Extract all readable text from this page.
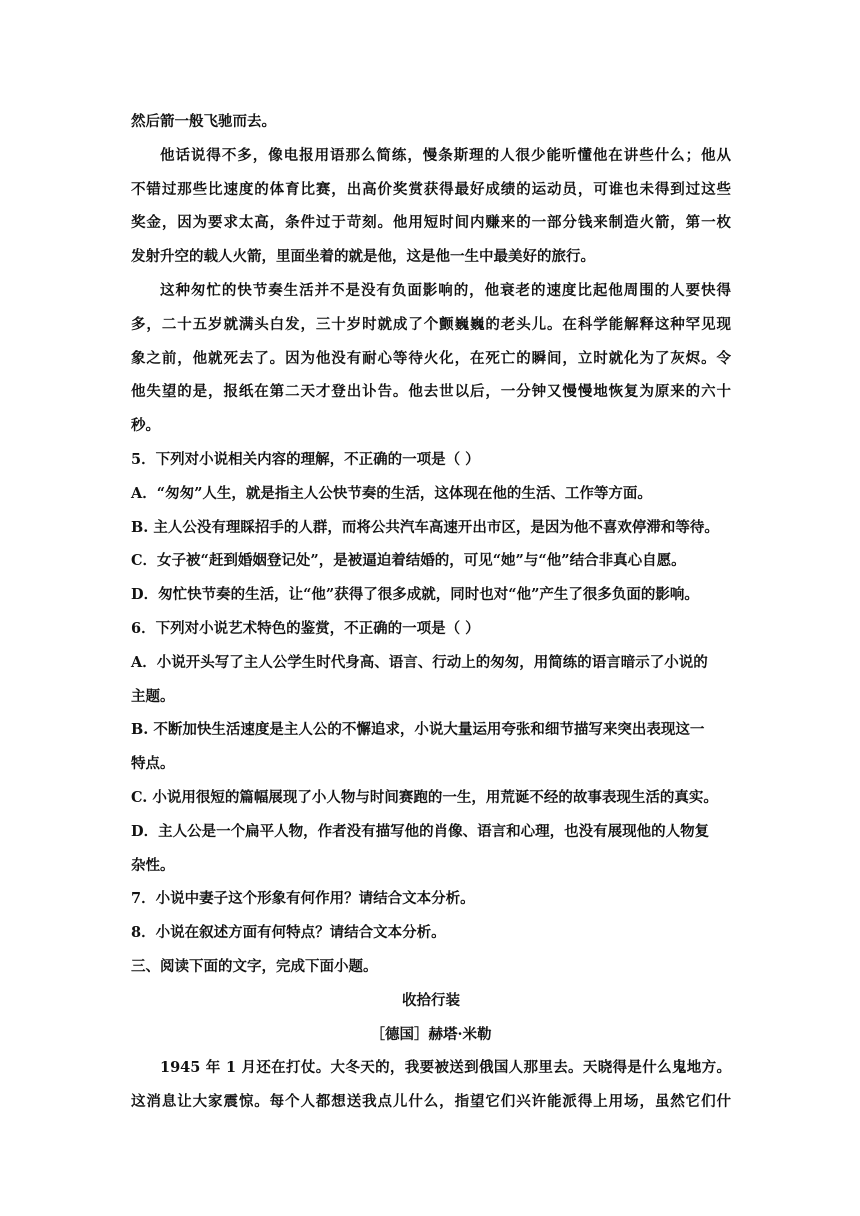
然后箭一般飞驰而去。

他话说得不多，像电报用语那么简练，慢条斯理的人很少能听懂他在讲些什么；他从

不错过那些比速度的体育比赛，出高价奖赏获得最好成绩的运动员，可谁也未得到过这些

奖金，因为要求太高，条件过于苛刻。他用短时间内赚来的一部分钱来制造火箭，第一枚

发射升空的载人火箭，里面坐着的就是他，这是他一生中最美好的旅行。

这种匆忙的快节奏生活并不是没有负面影响的，他衰老的速度比起他周围的人要快得

多，二十五岁就满头白发，三十岁时就成了个颤巍巍的老头儿。在科学能解释这种罕见现

象之前，他就死去了。因为他没有耐心等待火化，在死亡的瞬间，立时就化为了灰烬。令

他失望的是，报纸在第二天才登出讣告。他去世以后，一分钟又慢慢地恢复为原来的六十

秒。

5．下列对小说相关内容的理解，不正确的一项是（ ）

A．“匆匆”人生，就是指主人公快节奏的生活，这体现在他的生活、工作等方面。

B. 主人公没有理睬招手的人群，而将公共汽车高速开出市区，是因为他不喜欢停滞和等待。

C．女子被“赶到婚姻登记处”，是被逼迫着结婚的，可见“她”与“他”结合非真心自愿。

D．匆忙快节奏的生活，让“他”获得了很多成就，同时也对“他”产生了很多负面的影响。

6．下列对小说艺术特色的鉴赏，不正确的一项是（ ）

A．小说开头写了主人公学生时代身高、语言、行动上的匆匆，用简练的语言暗示了小说的

主题。

B. 不断加快生活速度是主人公的不懈追求，小说大量运用夸张和细节描写来突出表现这一

特点。

C. 小说用很短的篇幅展现了小人物与时间赛跑的一生，用荒诞不经的故事表现生活的真实。

D．主人公是一个扁平人物，作者没有描写他的肖像、语言和心理，也没有展现他的人物复

杂性。

7．小说中妻子这个形象有何作用？请结合文本分析。

8．小说在叙述方面有何特点？请结合文本分析。

三、阅读下面的文字，完成下面小题。

收拾行装

［德国］赫塔·米勒

1945 年 1 月还在打仗。大冬天的，我要被送到俄国人那里去。天晓得是什么鬼地方。

这消息让大家震惊。每个人都想送我点儿什么，指望它们兴许能派得上用场，虽然它们什
